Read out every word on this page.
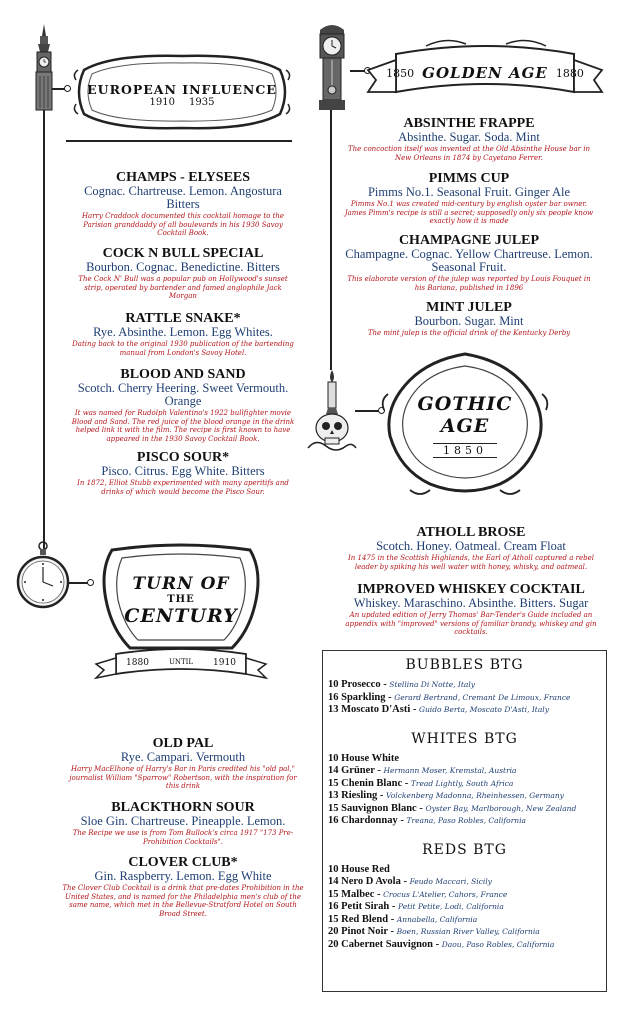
EUROPEAN INFLUENCE
1910 1935
1850 GOLDEN AGE 1880
GOTHIC
AGE
1850
TURN OF
THE
CENTURY
1880	UNTIL 1910
CHAMPS - ELYSEES
Cognac. Chartreuse. Lemon. Angostura Bitters
Harry Craddock documented this cocktail homage to the Parisian granddaddy of all boulevards in his 1930 Savoy Cocktail Book.
COCK N BULL SPECIAL
Bourbon. Cognac. Benedictine. Bitters
The Cock N' Bull was a popular pub on Hollywood's sunset strip, operated by bartender and famed anglophile Jack Morgan
RATTLE SNAKE*
Rye. Absinthe. Lemon. Egg Whites.
Dating back to the original 1930 publication of the bartending manual from London's Savoy Hotel.
BLOOD AND SAND
Scotch. Cherry Heering. Sweet Vermouth. Orange
It was named for Rudolph Valentino's 1922 bullfighter movie Blood and Sand. The red juice of the blood orange in the drink helped link it with the film. The recipe is first known to have appeared in the 1930 Savoy Cocktail Book.
PISCO SOUR*
Pisco. Citrus. Egg White. Bitters
In 1872, Elliot Stubb experimented with many aperitifs and drinks of which would become the Pisco Sour.
ABSINTHE FRAPPE
Absinthe. Sugar. Soda. Mint
The concoction itself was invented at the Old Absinthe House bar in New Orleans in 1874 by Cayetano Ferrer.
PIMMS CUP
Pimms No.1. Seasonal Fruit. Ginger Ale
Pimms No.1 was created mid-century by english oyster bar owner. James Pimm's recipe is still a secret; supposedly only six people know exactly how it is made
CHAMPAGNE JULEP
Champagne. Cognac. Yellow Chartreuse. Lemon. Seasonal Fruit.
This elaborate version of the julep was reported by Louis Fouquet in his Bariana, published in 1896
MINT JULEP
Bourbon. Sugar. Mint
The mint julep is the official drink of the Kentucky Derby
ATHOLL BROSE
Scotch. Honey. Oatmeal. Cream Float
In 1475 in the Scottish Highlands, the Earl of Atholl captured a rebel leader by spiking his well water with honey, whisky, and oatmeal.
IMPROVED WHISKEY COCKTAIL
Whiskey. Maraschino. Absinthe. Bitters. Sugar
An updated edition of Jerry Thomas' Bar-Tender's Guide included an appendix with "improved" versions of familiar brandy, whiskey and gin cocktails.
OLD PAL
Rye. Campari. Vermouth
Harry MacElhone of Harry's Bar in Paris credited his "old pal," journalist William "Sparrow" Robertson, with the inspiration for this drink
BLACKTHORN SOUR
Sloe Gin. Chartreuse. Pineapple. Lemon.
The Recipe we use is from Tom Bullock's circa 1917 "173 Pre-Prohibition Cocktails".
CLOVER CLUB*
Gin. Raspberry. Lemon. Egg White
The Clover Club Cocktail is a drink that pre-dates Prohibition in the United States, and is named for the Philadelphia men's club of the same name, which met in the Bellevue-Stratford Hotel on South Broad Street.
BUBBLES BTG
10 Prosecco - Stellina Di Notte, Italy
16 Sparkling - Gerard Bertrand, Cremant De Limoux, France
13 Moscato D'Asti - Guido Berta, Moscato D'Asti, Italy
WHITES BTG
10 House White
14 Grüner - Hermann Moser, Kremstal, Austria
15 Chenin Blanc - Tread Lightly, South Africa
13 Riesling - Volckenberg Madonna, Rheinhessen, Germany
15 Sauvignon Blanc - Oyster Bay, Marlborough, New Zealand
16 Chardonnay - Treana, Paso Robles, California
REDS BTG
10 House Red
14 Nero D Avola - Feudo Maccari, Sicily
15 Malbec - Crocus L'Atelier, Cahors, France
16 Petit Sirah - Petit Petite, Lodi, California
15 Red Blend - Annabella, California
20 Pinot Noir - Boen, Russian River Valley, California
20 Cabernet Sauvignon - Daou, Paso Robles, California
